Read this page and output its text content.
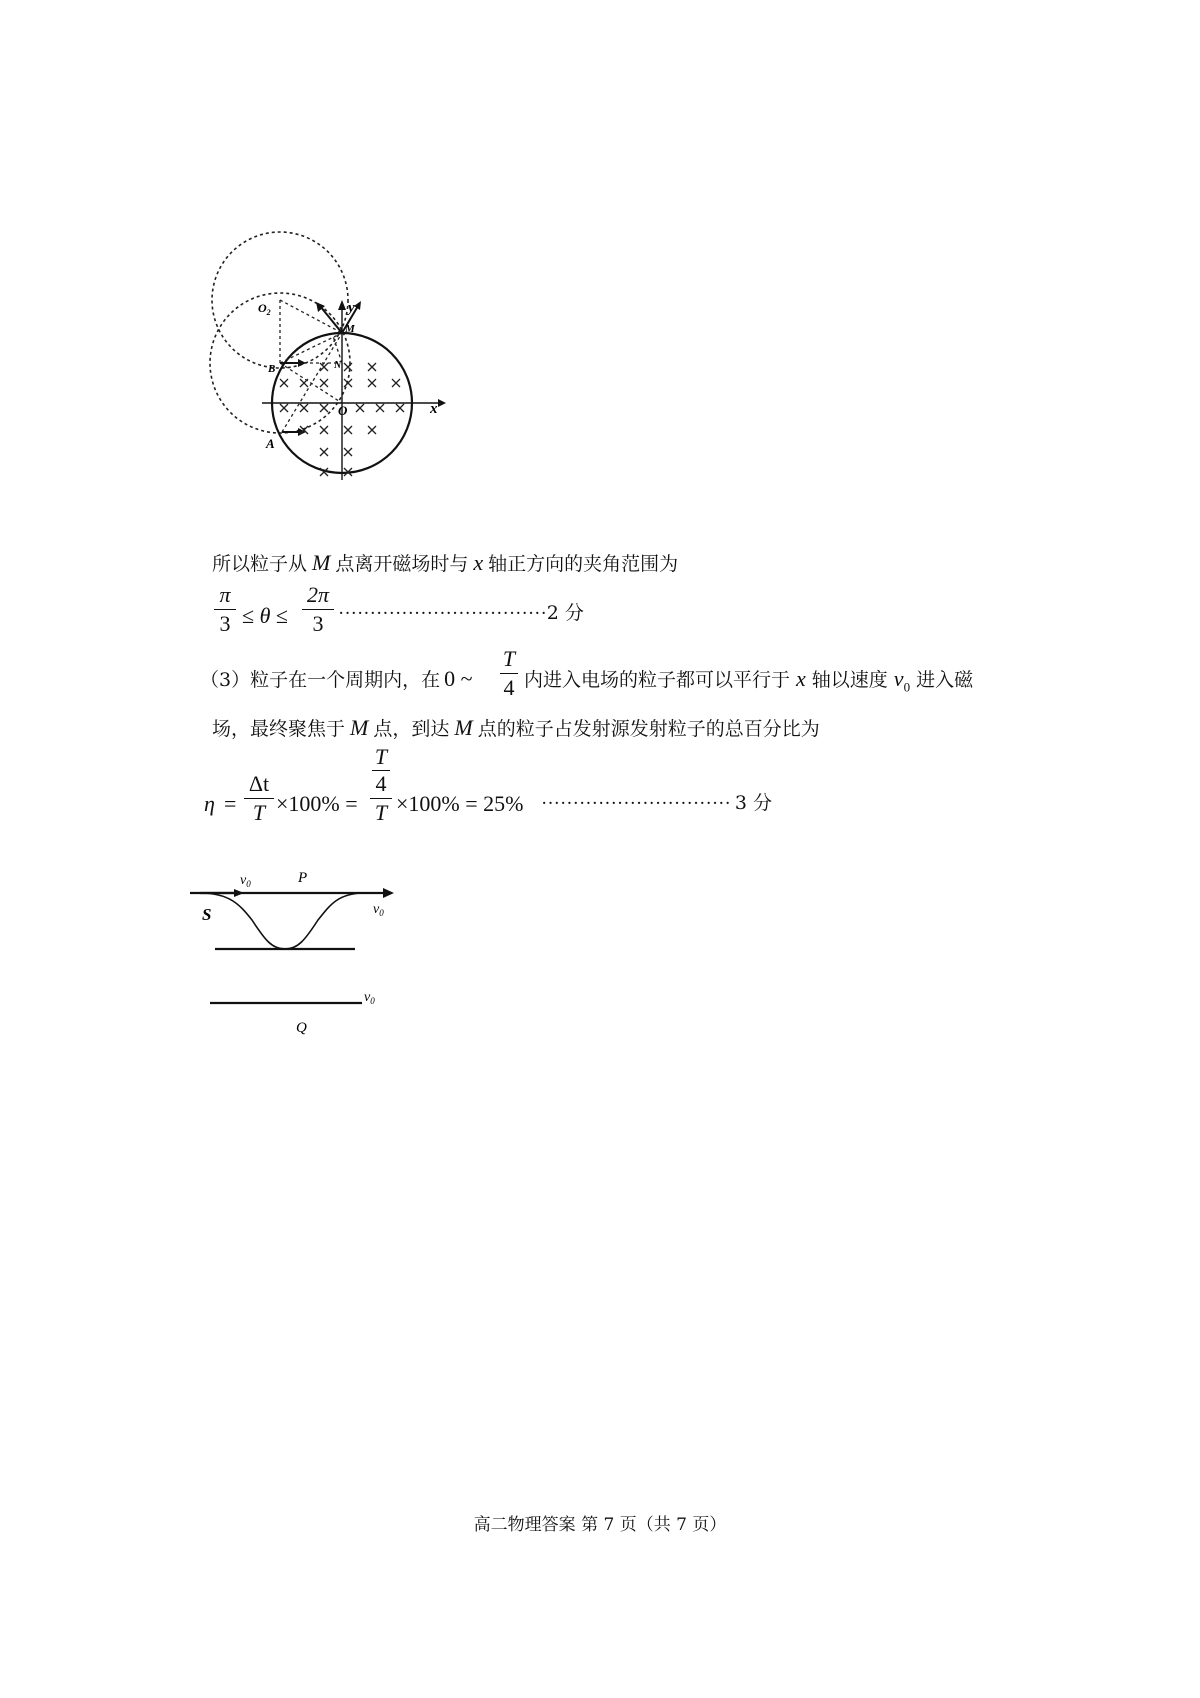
y
x
M
$O_2$
B	N
O
A
所以粒子从 M 点离开磁场时与 x 轴正方向的夹角范围为
π
3 ≤ θ ≤
2π
3 ·································2 分
（3）粒子在一个周期内，在 0 ~
T
4 内进入电场的粒子都可以平行于 x 轴以速度 $v_0$ 进入磁
场，最终聚焦于 M 点，到达 M 点的粒子占发射源发射粒子的总百分比为
η =
Δt
T ×100% =
T
4
T ×100% = 25% ······························ 3 分
$v_0$	P
S	$v_0$
$v_0$
Q
高二物理答案 第 7 页（共 7 页）
